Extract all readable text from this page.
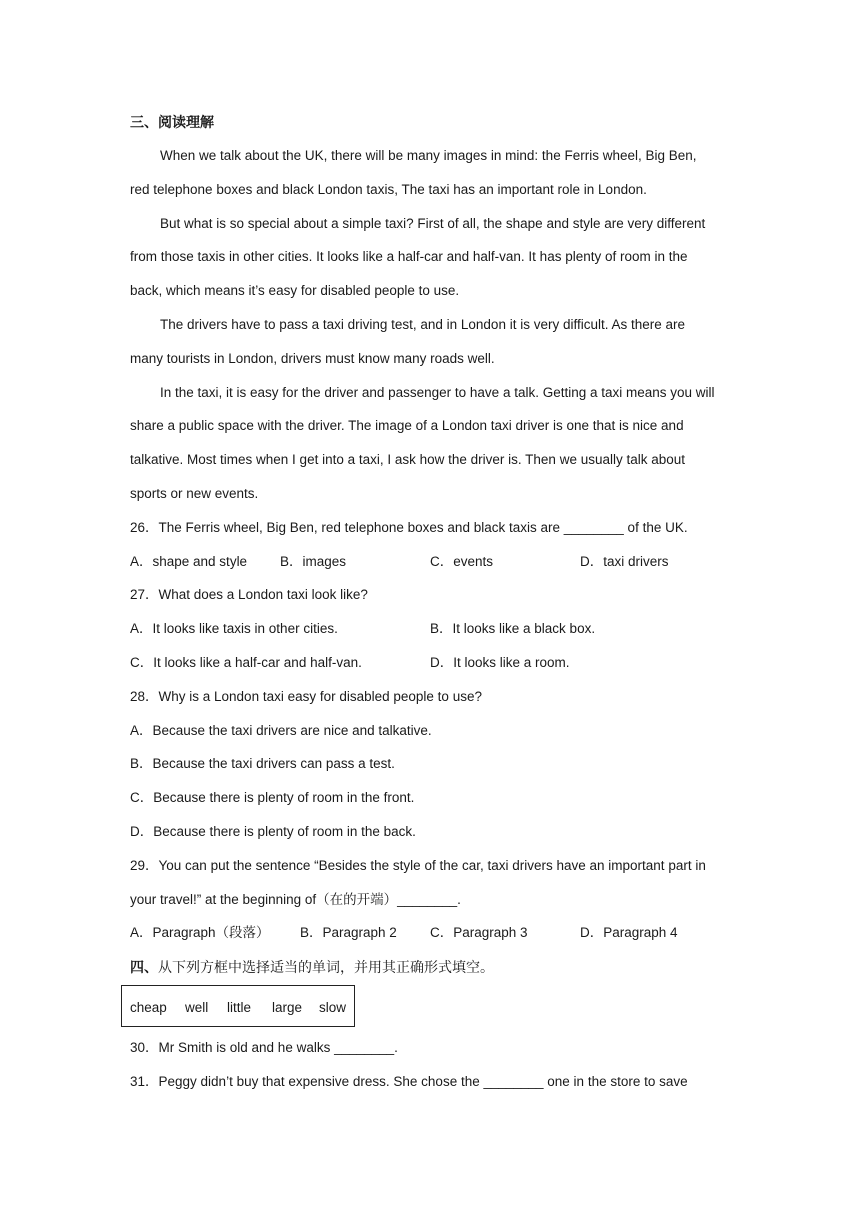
三、阅读理解
When we talk about the UK, there will be many images in mind: the Ferris wheel, Big Ben,
red telephone boxes and black London taxis, The taxi has an important role in London.
But what is so special about a simple taxi? First of all, the shape and style are very different
from those taxis in other cities. It looks like a half-car and half-van. It has plenty of room in the
back, which means it’s easy for disabled people to use.
The drivers have to pass a taxi driving test, and in London it is very difficult. As there are
many tourists in London, drivers must know many roads well.
In the taxi, it is easy for the driver and passenger to have a talk. Getting a taxi means you will
share a public space with the driver. The image of a London taxi driver is one that is nice and
talkative. Most times when I get into a taxi, I ask how the driver is. Then we usually talk about
sports or new events.
26．The Ferris wheel, Big Ben, red telephone boxes and black taxis are ________ of the UK.
A．shape and style B．images	C．events	D．taxi drivers
27．What does a London taxi look like?
A．It looks like taxis in other cities.	B．It looks like a black box.
C．It looks like a half-car and half-van.	D．It looks like a room.
28．Why is a London taxi easy for disabled people to use?
A．Because the taxi drivers are nice and talkative.
B．Because the taxi drivers can pass a test.
C．Because there is plenty of room in the front.
D．Because there is plenty of room in the back.
29．You can put the sentence “Besides the style of the car, taxi drivers have an important part in
your travel!” at the beginning of（在的开端）________.
A．Paragraph（段落） B．Paragraph 2 C．Paragraph 3	D．Paragraph 4
四、从下列方框中选择适当的单词，并用其正确形式填空。
cheap well little large slow
30．Mr Smith is old and he walks ________.
31．Peggy didn’t buy that expensive dress. She chose the ________ one in the store to save
